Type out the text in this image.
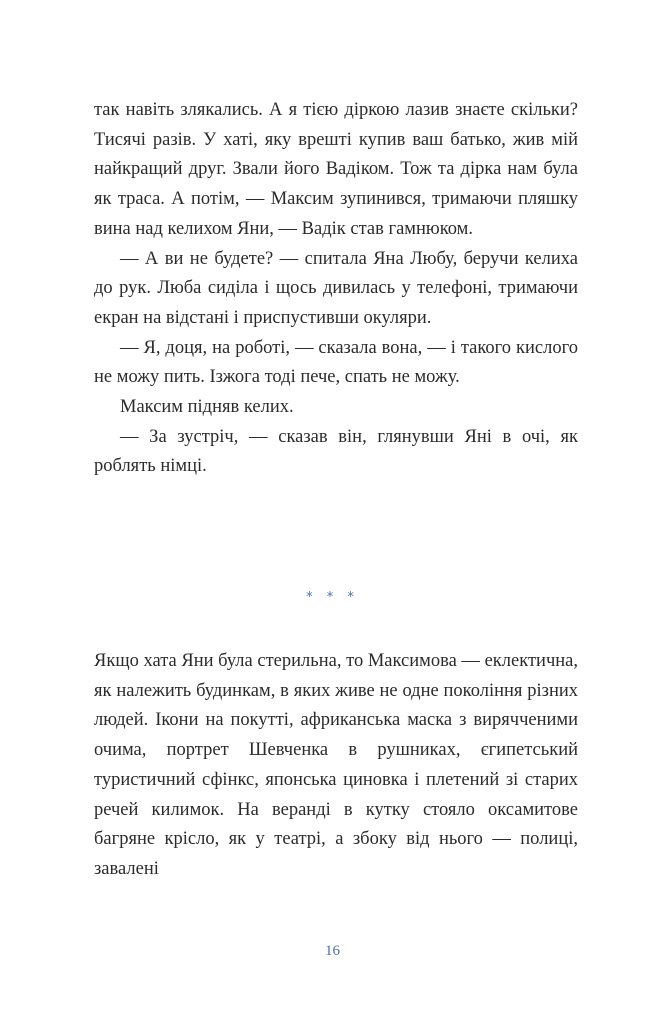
так навіть злякались. А я тією діркою лазив знаєте скільки? Тисячі разів. У хаті, яку врешті купив ваш батько, жив мій найкращий друг. Звали його Вадіком. Тож та дірка нам була як траса. А потім, — Максим зупинився, тримаючи пляшку вина над келихом Яни, — Вадік став гамнюком.

— А ви не будете? — спитала Яна Любу, беручи келиха до рук. Люба сиділа і щось дивилась у телефоні, тримаючи екран на відстані і приспустивши окуляри.

— Я, доця, на роботі, — сказала вона, — і такого кислого не можу пить. Ізжога тоді пече, спать не можу.

Максим підняв келих.

— За зустріч, — сказав він, глянувши Яні в очі, як роблять німці.

* * *

Якщо хата Яни була стерильна, то Максимова — еклектична, як належить будинкам, в яких живе не одне покоління різних людей. Ікони на покутті, африканська маска з вирячченими очима, портрет Шевченка в рушниках, єгипетський туристичний сфінкс, японська циновка і плетений зі старих речей килимок. На веранді в кутку стояло оксамитове багряне крісло, як у театрі, а збоку від нього — полиці, завалені

16
